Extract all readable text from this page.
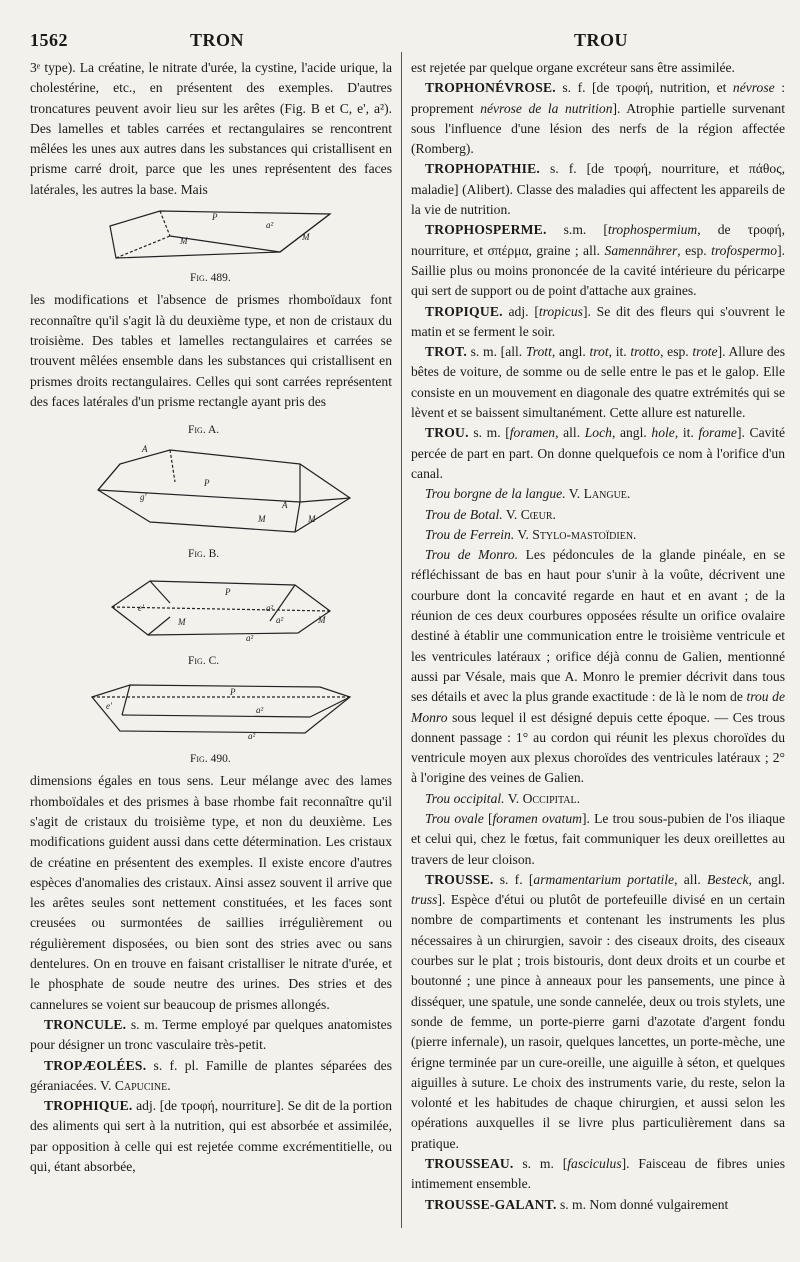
1562	TRON	TROU

3ᵉ type). La créatine, le nitrate d'urée, la cystine, l'acide urique, la cholestérine, etc., en présentent des exemples. D'autres troncatures peuvent avoir lieu sur les arêtes (Fig. B et C, e', a²). Des lamelles et tables carrées et rectangulaires se rencontrent mêlées les unes aux autres dans les substances qui cristallisent en prisme carré droit, parce que les unes représentent des faces latérales, les autres la base. Mais

P
a²
M	M
Fig. 489.

les modifications et l'absence de prismes rhomboïdaux font reconnaître qu'il s'agit là du deuxième type, et non de cristaux du troisième. Des tables et lamelles rectangulaires et carrées se trouvent mêlées ensemble dans les substances qui cristallisent en prismes droits rectangulaires. Celles qui sont carrées représentent des faces latérales d'un prisme rectangle ayant pris des

Fig. A.
A
P
g'
M
A
M
Fig. B.
P
e'
M
a²
a²	M
a²
Fig. C.
P
e'	a²
a²
Fig. 490.

dimensions égales en tous sens. Leur mélange avec des lames rhomboïdales et des prismes à base rhombe fait reconnaître qu'il s'agit de cristaux du troisième type, et non du deuxième. Les modifications guident aussi dans cette détermination. Les cristaux de créatine en présentent des exemples. Il existe encore d'autres espèces d'anomalies des cristaux. Ainsi assez souvent il arrive que les arêtes seules sont nettement constituées, et les faces sont creusées ou surmontées de saillies irrégulièrement ou régulièrement disposées, ou bien sont des stries avec ou sans dentelures. On en trouve en faisant cristalliser le nitrate d'urée, et le phosphate de soude neutre des urines. Des stries et des cannelures se voient sur beaucoup de prismes allongés.

TRONCULE. s. m. Terme employé par quelques anatomistes pour désigner un tronc vasculaire très-petit.

TROPÆOLÉES. s. f. pl. Famille de plantes séparées des géraniacées. V. Capucine.

TROPHIQUE. adj. [de τροφή, nourriture]. Se dit de la portion des aliments qui sert à la nutrition, qui est absorbée et assimilée, par opposition à celle qui est rejetée comme excrémentitielle, ou qui, étant absorbée,

est rejetée par quelque organe excréteur sans être assimilée.

TROPHONÉVROSE. s. f. [de τροφή, nutrition, et névrose : proprement névrose de la nutrition]. Atrophie partielle survenant sous l'influence d'une lésion des nerfs de la région affectée (Romberg).

TROPHOPATHIE. s. f. [de τροφή, nourriture, et πάθος, maladie] (Alibert). Classe des maladies qui affectent les appareils de la vie de nutrition.

TROPHOSPERME. s.m. [trophospermium, de τροφή, nourriture, et σπέρμα, graine ; all. Samennährer, esp. trofospermo]. Saillie plus ou moins prononcée de la cavité intérieure du péricarpe qui sert de support ou de point d'attache aux graines.

TROPIQUE. adj. [tropicus]. Se dit des fleurs qui s'ouvrent le matin et se ferment le soir.

TROT. s. m. [all. Trott, angl. trot, it. trotto, esp. trote]. Allure des bêtes de voiture, de somme ou de selle entre le pas et le galop. Elle consiste en un mouvement en diagonale des quatre extrémités qui se lèvent et se baissent simultanément. Cette allure est naturelle.

TROU. s. m. [foramen, all. Loch, angl. hole, it. forame]. Cavité percée de part en part. On donne quelquefois ce nom à l'orifice d'un canal.

Trou borgne de la langue. V. Langue.

Trou de Botal. V. Cœur.

Trou de Ferrein. V. Stylo-mastoïdien.

Trou de Monro. Les pédoncules de la glande pinéale, en se réfléchissant de bas en haut pour s'unir à la voûte, décrivent une courbure dont la concavité regarde en haut et en avant ; de la réunion de ces deux courbures opposées résulte un orifice ovalaire destiné à établir une communication entre le troisième ventricule et les ventricules latéraux ; orifice déjà connu de Galien, mentionné aussi par Vésale, mais que A. Monro le premier décrivit dans tous ses détails et avec la plus grande exactitude : de là le nom de trou de Monro sous lequel il est désigné depuis cette époque. — Ces trous donnent passage : 1° au cordon qui réunit les plexus choroïdes du ventricule moyen aux plexus choroïdes des ventricules latéraux ; 2° à l'origine des veines de Galien.

Trou occipital. V. Occipital.

Trou ovale [foramen ovatum]. Le trou sous-pubien de l'os iliaque et celui qui, chez le fœtus, fait communiquer les deux oreillettes au travers de leur cloison.

TROUSSE. s. f. [armamentarium portatile, all. Besteck, angl. truss]. Espèce d'étui ou plutôt de portefeuille divisé en un certain nombre de compartiments et contenant les instruments les plus nécessaires à un chirurgien, savoir : des ciseaux droits, des ciseaux courbes sur le plat ; trois bistouris, dont deux droits et un courbe et boutonné ; une pince à anneaux pour les pansements, une pince à disséquer, une spatule, une sonde cannelée, deux ou trois stylets, une sonde de femme, un porte-pierre garni d'azotate d'argent fondu (pierre infernale), un rasoir, quelques lancettes, un porte-mèche, une érigne terminée par un cure-oreille, une aiguille à séton, et quelques aiguilles à suture. Le choix des instruments varie, du reste, selon la volonté et les habitudes de chaque chirurgien, et aussi selon les opérations auxquelles il se livre plus particulièrement dans sa pratique.

TROUSSEAU. s. m. [fasciculus]. Faisceau de fibres unies intimement ensemble.

TROUSSE-GALANT. s. m. Nom donné vulgairement
